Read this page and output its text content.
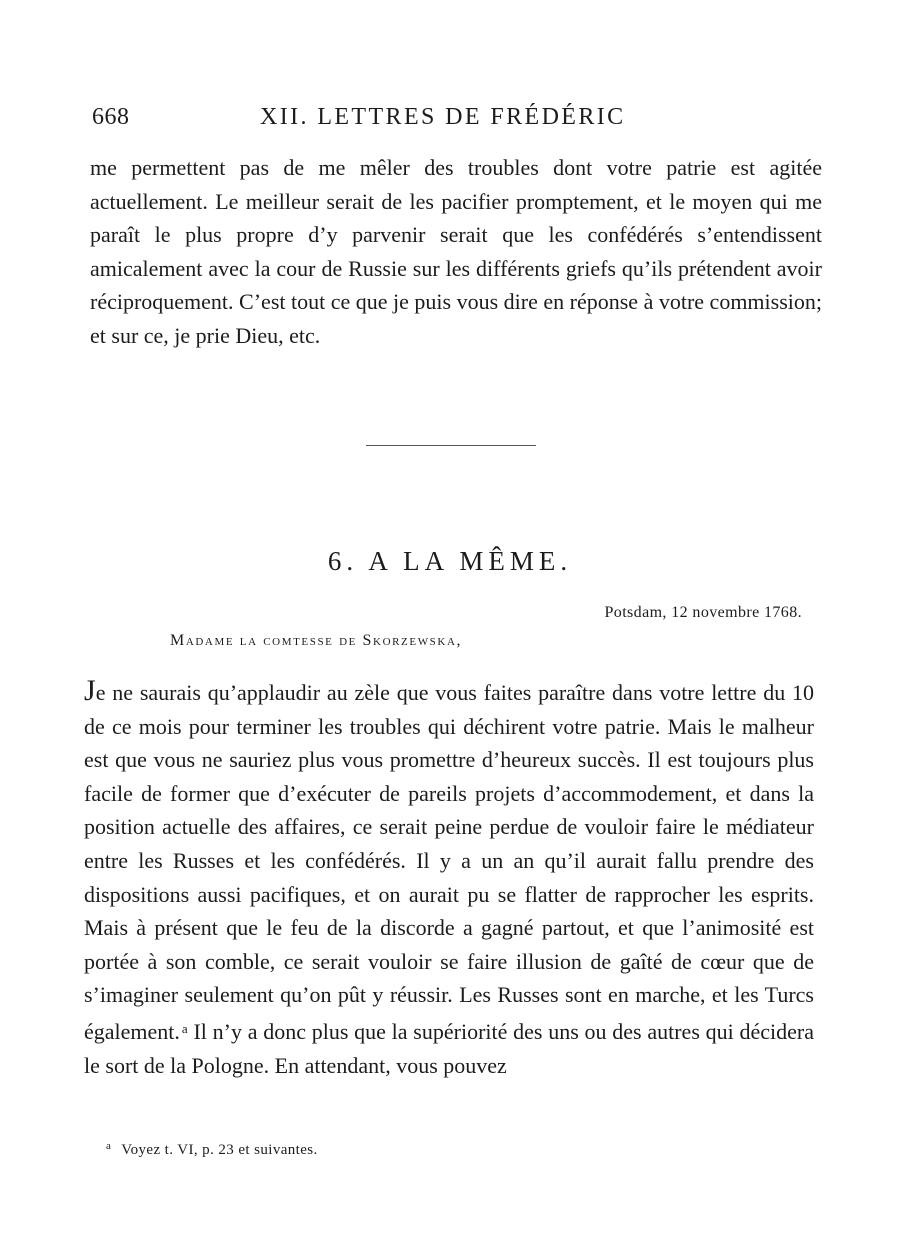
668	XII. LETTRES DE FRÉDÉRIC

me permettent pas de me mêler des troubles dont votre patrie est agitée actuellement. Le meilleur serait de les pacifier promptement, et le moyen qui me paraît le plus propre d’y parvenir serait que les confédérés s’entendissent amicalement avec la cour de Russie sur les différents griefs qu’ils prétendent avoir réciproquement. C’est tout ce que je puis vous dire en réponse à votre commission; et sur ce, je prie Dieu, etc.

6. A LA MÊME.
Potsdam, 12 novembre 1768.
Madame la comtesse de Skorzewska,

Je ne saurais qu’applaudir au zèle que vous faites paraître dans votre lettre du 10 de ce mois pour terminer les troubles qui déchirent votre patrie. Mais le malheur est que vous ne sauriez plus vous promettre d’heureux succès. Il est toujours plus facile de former que d’exécuter de pareils projets d’accommodement, et dans la position actuelle des affaires, ce serait peine perdue de vouloir faire le médiateur entre les Russes et les confédérés. Il y a un an qu’il aurait fallu prendre des dispositions aussi pacifiques, et on aurait pu se flatter de rapprocher les esprits. Mais à présent que le feu de la discorde a gagné partout, et que l’animosité est portée à son comble, ce serait vouloir se faire illusion de gaîté de cœur que de s’imaginer seulement qu’on pût y réussir. Les Russes sont en marche, et les Turcs également. $^a$ Il n’y a donc plus que la supériorité des uns ou des autres qui décidera le sort de la Pologne. En attendant, vous pouvez

$^a$ Voyez t. VI, p. 23 et suivantes.
